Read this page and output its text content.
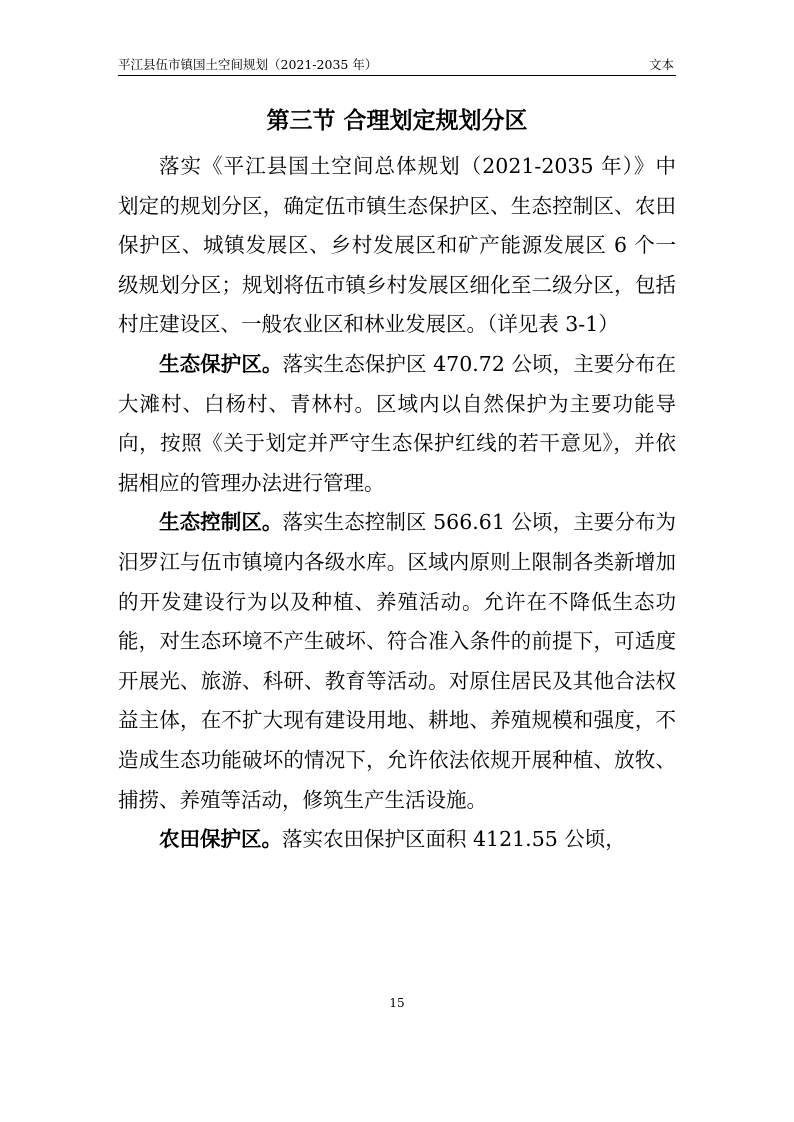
平江县伍市镇国土空间规划（2021-2035 年）	文本
第三节 合理划定规划分区

落实《平江县国土空间总体规划（2021-2035 年）》中划定的规划分区，确定伍市镇生态保护区、生态控制区、农田保护区、城镇发展区、乡村发展区和矿产能源发展区 6 个一级规划分区；规划将伍市镇乡村发展区细化至二级分区，包括村庄建设区、一般农业区和林业发展区。（详见表 3-1）

生态保护区。落实生态保护区 470.72 公顷，主要分布在大滩村、白杨村、青林村。区域内以自然保护为主要功能导向，按照《关于划定并严守生态保护红线的若干意见》，并依据相应的管理办法进行管理。

生态控制区。落实生态控制区 566.61 公顷，主要分布为汨罗江与伍市镇境内各级水库。区域内原则上限制各类新增加的开发建设行为以及种植、养殖活动。允许在不降低生态功能，对生态环境不产生破坏、符合准入条件的前提下，可适度开展光、旅游、科研、教育等活动。对原住居民及其他合法权益主体，在不扩大现有建设用地、耕地、养殖规模和强度，不造成生态功能破坏的情况下，允许依法依规开展种植、放牧、捕捞、养殖等活动，修筑生产生活设施。

农田保护区。落实农田保护区面积 4121.55 公顷，

15
